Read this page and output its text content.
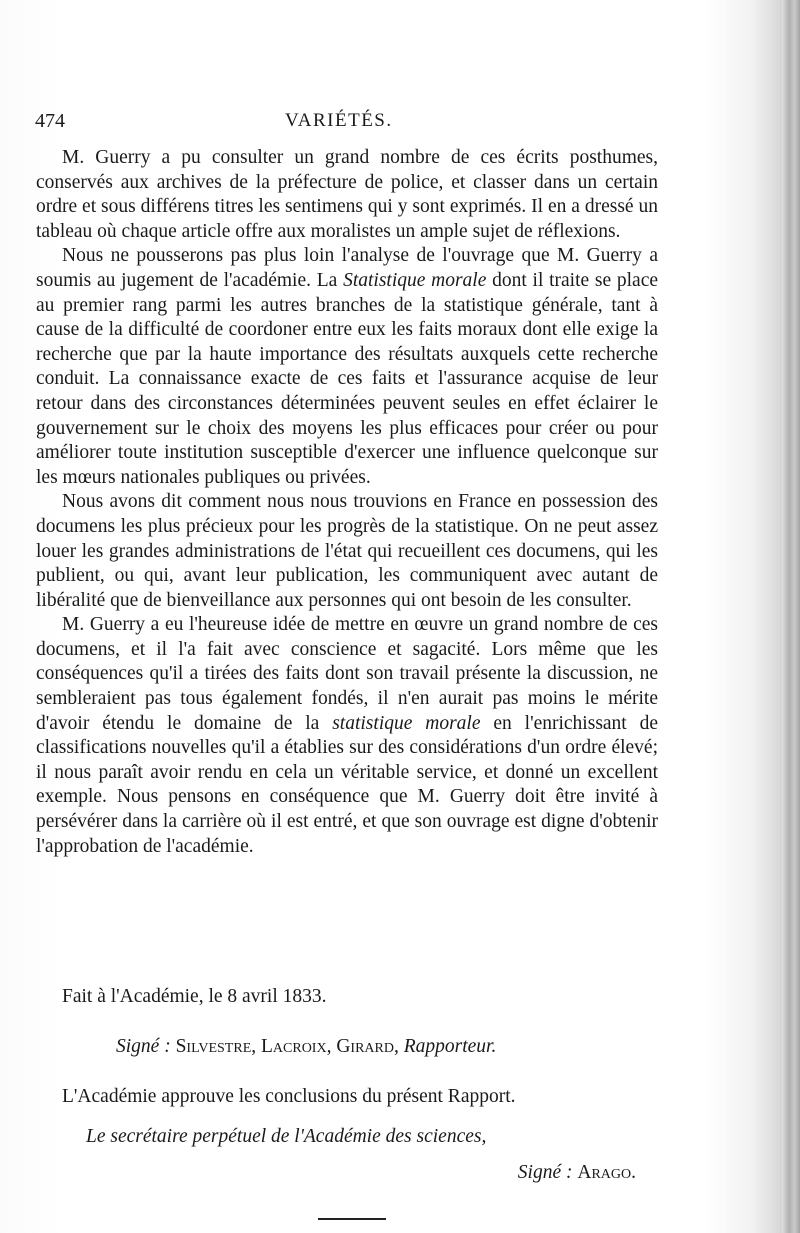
474	VARIÉTÉS.

M. Guerry a pu consulter un grand nombre de ces écrits posthumes, conservés aux archives de la préfecture de police, et classer dans un certain ordre et sous différens titres les sentimens qui y sont exprimés. Il en a dressé un tableau où chaque article offre aux moralistes un ample sujet de réflexions.

Nous ne pousserons pas plus loin l'analyse de l'ouvrage que M. Guerry a soumis au jugement de l'académie. La Statistique morale dont il traite se place au premier rang parmi les autres branches de la statistique générale, tant à cause de la difficulté de coordoner entre eux les faits moraux dont elle exige la recherche que par la haute importance des résultats auxquels cette recherche conduit. La connaissance exacte de ces faits et l'assurance acquise de leur retour dans des circonstances déterminées peuvent seules en effet éclairer le gouvernement sur le choix des moyens les plus efficaces pour créer ou pour améliorer toute institution susceptible d'exercer une influence quelconque sur les mœurs nationales publiques ou privées.

Nous avons dit comment nous nous trouvions en France en possession des documens les plus précieux pour les progrès de la statistique. On ne peut assez louer les grandes administrations de l'état qui recueillent ces documens, qui les publient, ou qui, avant leur publication, les communiquent avec autant de libéralité que de bienveillance aux personnes qui ont besoin de les consulter.

M. Guerry a eu l'heureuse idée de mettre en œuvre un grand nombre de ces documens, et il l'a fait avec conscience et sagacité. Lors même que les conséquences qu'il a tirées des faits dont son travail présente la discussion, ne sembleraient pas tous également fondés, il n'en aurait pas moins le mérite d'avoir étendu le domaine de la statistique morale en l'enrichissant de classifications nouvelles qu'il a établies sur des considérations d'un ordre élevé; il nous paraît avoir rendu en cela un véritable service, et donné un excellent exemple. Nous pensons en conséquence que M. Guerry doit être invité à persévérer dans la carrière où il est entré, et que son ouvrage est digne d'obtenir l'approbation de l'académie.

Fait à l'Académie, le 8 avril 1833.
Signé : Silvestre, Lacroix, Girard, Rapporteur.
L'Académie approuve les conclusions du présent Rapport.
Le secrétaire perpétuel de l'Académie des sciences,
Signé : Arago.
